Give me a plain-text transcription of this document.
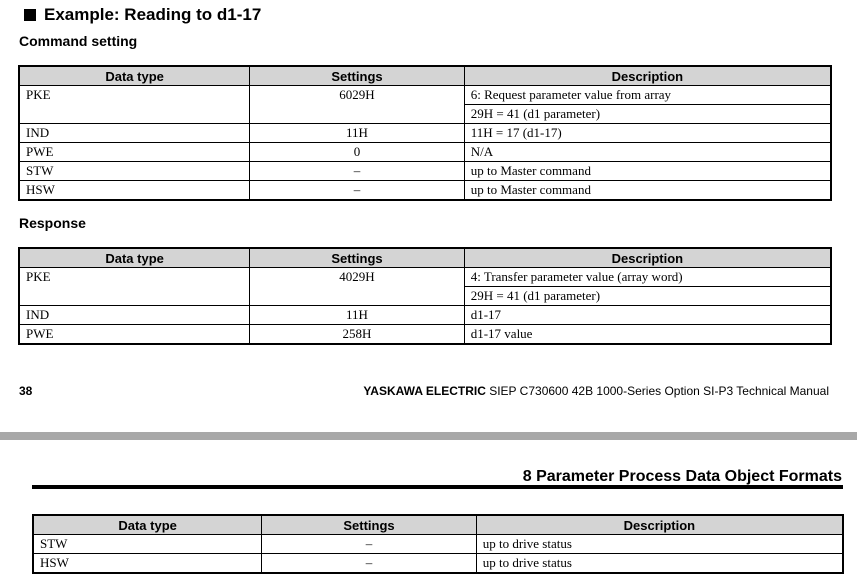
Example: Reading to d1-17
Command setting
Data type	Settings	Description
PKE	6029H	6: Request parameter value from array
		29H = 41 (d1 parameter)
IND	11H	11H = 17 (d1-17)
PWE	0	N/A
STW	–	up to Master command
HSW	–	up to Master command
Response
Data type	Settings	Description
PKE	4029H	4: Transfer parameter value (array word)
		29H = 41 (d1 parameter)
IND	11H	d1-17
PWE	258H	d1-17 value
38	YASKAWA ELECTRIC SIEP C730600 42B 1000-Series Option SI-P3 Technical Manual
8 Parameter Process Data Object Formats
Data type	Settings	Description
STW	–	up to drive status
HSW	–	up to drive status
